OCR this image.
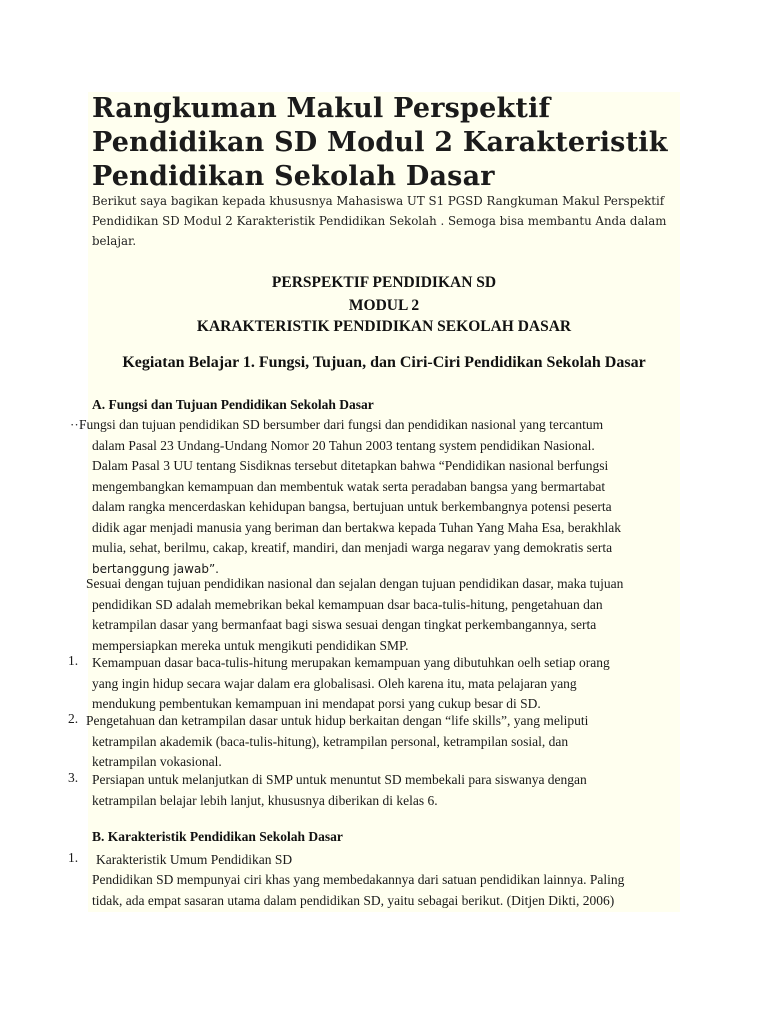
Rangkuman Makul Perspektif
Pendidikan SD Modul 2 Karakteristik
Pendidikan Sekolah Dasar

Berikut saya bagikan kepada khususnya Mahasiswa UT S1 PGSD Rangkuman Makul Perspektif
Pendidikan SD Modul 2 Karakteristik Pendidikan Sekolah . Semoga bisa membantu Anda dalam
belajar.

PERSPEKTIF PENDIDIKAN SD

MODUL 2

KARAKTERISTIK PENDIDIKAN SEKOLAH DASAR

Kegiatan Belajar 1. Fungsi, Tujuan, dan Ciri-Ciri Pendidikan Sekolah Dasar

A. Fungsi dan Tujuan Pendidikan Sekolah Dasar

·· Fungsi dan tujuan pendidikan SD bersumber dari fungsi dan pendidikan nasional yang tercantum
dalam Pasal 23 Undang-Undang Nomor 20 Tahun 2003 tentang system pendidikan Nasional.
Dalam Pasal 3 UU tentang Sisdiknas tersebut ditetapkan bahwa “Pendidikan nasional berfungsi
mengembangkan kemampuan dan membentuk watak serta peradaban bangsa yang bermartabat
dalam rangka mencerdaskan kehidupan bangsa, bertujuan untuk berkembangnya potensi peserta
didik agar menjadi manusia yang beriman dan bertakwa kepada Tuhan Yang Maha Esa, berakhlak
mulia, sehat, berilmu, cakap, kreatif, mandiri, dan menjadi warga negarav yang demokratis serta
bertanggung jawab”.
Sesuai dengan tujuan pendidikan nasional dan sejalan dengan tujuan pendidikan dasar, maka tujuan
pendidikan SD adalah memebrikan bekal kemampuan dsar baca-tulis-hitung, pengetahuan dan
ketrampilan dasar yang bermanfaat bagi siswa sesuai dengan tingkat perkembangannya, serta
mempersiapkan mereka untuk mengikuti pendidikan SMP.
1. Kemampuan dasar baca-tulis-hitung merupakan kemampuan yang dibutuhkan oelh setiap orang
yang ingin hidup secara wajar dalam era globalisasi. Oleh karena itu, mata pelajaran yang
mendukung pembentukan kemampuan ini mendapat porsi yang cukup besar di SD.
2. Pengetahuan dan ketrampilan dasar untuk hidup berkaitan dengan “life skills”, yang meliputi
ketrampilan akademik (baca-tulis-hitung), ketrampilan personal, ketrampilan sosial, dan
ketrampilan vokasional.
3. Persiapan untuk melanjutkan di SMP untuk menuntut SD membekali para siswanya dengan
ketrampilan belajar lebih lanjut, khususnya diberikan di kelas 6.

B. Karakteristik Pendidikan Sekolah Dasar

1. Karakteristik Umum Pendidikan SD
Pendidikan SD mempunyai ciri khas yang membedakannya dari satuan pendidikan lainnya. Paling
tidak, ada empat sasaran utama dalam pendidikan SD, yaitu sebagai berikut. (Ditjen Dikti, 2006)
